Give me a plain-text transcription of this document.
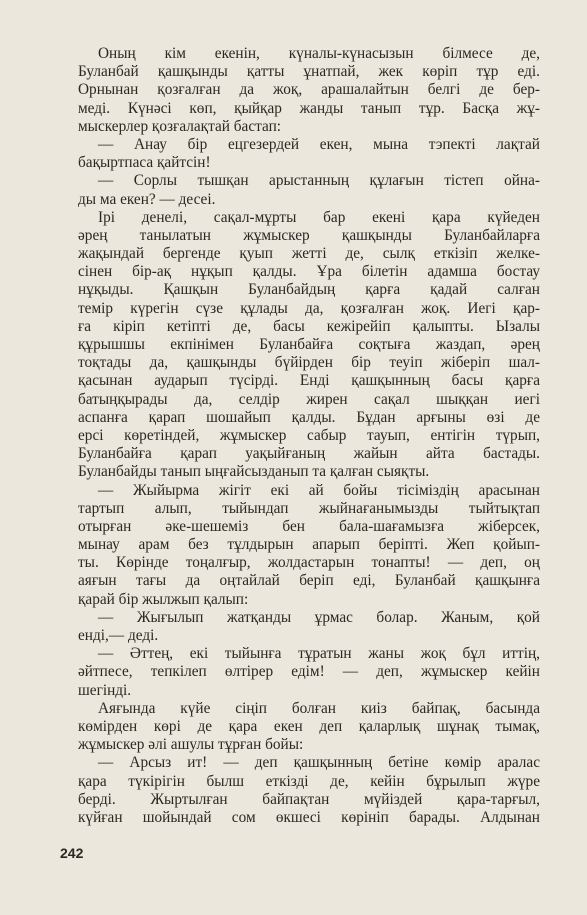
Оның кім екенін, күналы-күнасызын білмесе де,
Буланбай қашқынды қатты ұнатпай, жек көріп тұр еді.
Орнынан қозғалған да жоқ, арашалайтын белгі де бер-
меді. Күнәсі көп, қыйқар жанды танып тұр. Басқа жұ-
мыскерлер қозғалақтай бастап:
— Анау бір ецгезердей екен, мына тэпекті лақтай
бақыртпаса қайтсін!
— Сорлы тышқан арыстанның құлағын тістеп ойна-
ды ма екен? — десеі.
Ірі денелі, сақал-мұрты бар екені қара күйеден
әрең танылатын жұмыскер қашқынды Буланбайларға
жақындай бергенде қуып жетті де, сылқ еткізіп желке-
сінен бір-ақ нұқып қалды. Ұра білетін адамша бостау
нұқыды. Қашқын Буланбайдың қарға қадай салған
темір күрегін сүзе құлады да, қозғалған жоқ. Иегі қар-
ға кіріп кетіпті де, басы кежірейіп қалыпты. Ызалы
құрышшы екпінімен Буланбайға соқтыға жаздап, әрең
тоқтады да, қашқынды бүйірден бір теуіп жіберіп шал-
қасынан аударып түсірді. Енді қашқынның басы қарға
батыңқырады да, селдір жирен сақал шыққан иегі
аспанға қарап шошайып қалды. Бұдан арғыны өзі де
ерсі көретіндей, жұмыскер сабыр тауып, ентігін түрып,
Буланбайға қарап уақыйғаның жайын айта бастады.
Буланбайды танып ыңғайсызданып та қалған сыяқты.
— Жыйырма жігіт екі ай бойы тісіміздің арасынан
тартып алып, тыйындап жыйнағанымызды тыйтықтап
отырған әке-шешеміз бен бала-шағамызға жіберсек,
мынау арам без тұлдырын апарып беріпті. Жеп қойып-
ты. Көрінде тоңалғыр, жолдастарын тонапты! — деп, оң
аяғын тағы да оңтайлай беріп еді, Буланбай қашқынға
қарай бір жылжып қалып:
— Жығылып жатқанды ұрмас болар. Жаным, қой
енді,— деді.
— Әттең, екі тыйынға тұратын жаны жоқ бұл иттің,
әйтпесе, тепкілеп өлтірер едім! — деп, жұмыскер кейін
шегінді.
Аяғында күйе сіңіп болған киіз байпақ, басында
көмірден көрі де қара екен деп қаларлық шұнақ тымақ,
жұмыскер әлі ашулы тұрған бойы:
— Арсыз ит! — деп қашқынның бетіне көмір аралас
қара түкірігін былш еткізді де, кейін бұрылып жүре
берді. Жыртылған байпақтан мүйіздей қара-тарғыл,
күйған шойындай сом өкшесі көрініп барады. Алдынан
242
